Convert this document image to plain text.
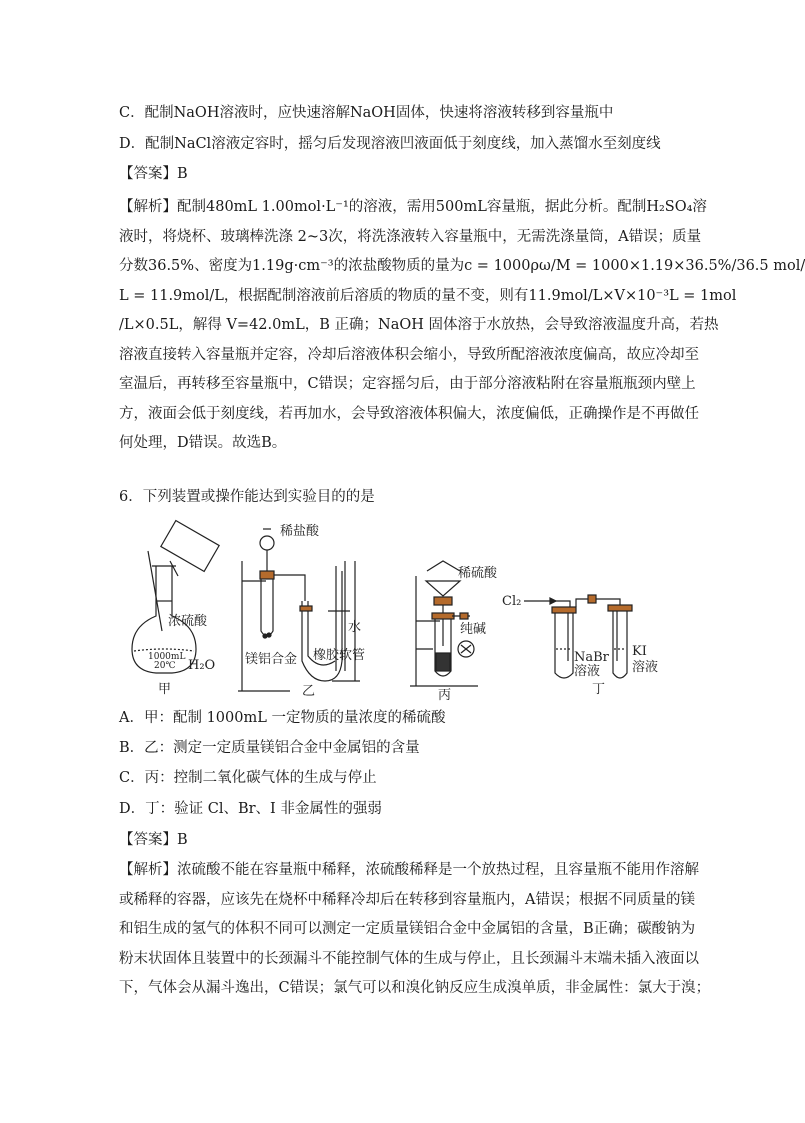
C．配制NaOH溶液时，应快速溶解NaOH固体，快速将溶液转移到容量瓶中
D．配制NaCl溶液定容时，摇匀后发现溶液凹液面低于刻度线，加入蒸馏水至刻度线
【答案】B
【解析】配制480mL 1.00mol·L⁻¹的溶液，需用500mL容量瓶，据此分析。配制H₂SO₄溶
液时，将烧杯、玻璃棒洗涤 2~3次，将洗涤液转入容量瓶中，无需洗涤量筒，A错误；质量
分数36.5%、密度为1.19g·cm⁻³的浓盐酸物质的量为c = 1000ρω/M = 1000×1.19×36.5%/36.5 mol/
L = 11.9mol/L，根据配制溶液前后溶质的物质的量不变，则有11.9mol/L×V×10⁻³L = 1mol
/L×0.5L，解得 V=42.0mL，B 正确；NaOH 固体溶于水放热，会导致溶液温度升高，若热
溶液直接转入容量瓶并定容，冷却后溶液体积会缩小，导致所配溶液浓度偏高，故应冷却至
室温后，再转移至容量瓶中，C错误；定容摇匀后，由于部分溶液粘附在容量瓶瓶颈内壁上
方，液面会低于刻度线，若再加水，会导致溶液体积偏大，浓度偏低，正确操作是不再做任
何处理，D错误。故选B。
6．下列装置或操作能达到实验目的的是
浓硫酸
1000mL
20℃ H₂O
甲
稀盐酸
水
镁铝合金 橡胶软管
乙
稀硫酸
纯碱
丙
Cl₂
NaBr
溶液
KI
溶液
丁
A．甲：配制 1000mL 一定物质的量浓度的稀硫酸
B．乙：测定一定质量镁铝合金中金属铝的含量
C．丙：控制二氧化碳气体的生成与停止
D．丁：验证 Cl、Br、I 非金属性的强弱
【答案】B
【解析】浓硫酸不能在容量瓶中稀释，浓硫酸稀释是一个放热过程，且容量瓶不能用作溶解
或稀释的容器，应该先在烧杯中稀释冷却后在转移到容量瓶内，A错误；根据不同质量的镁
和铝生成的氢气的体积不同可以测定一定质量镁铝合金中金属铝的含量，B正确；碳酸钠为
粉末状固体且装置中的长颈漏斗不能控制气体的生成与停止，且长颈漏斗末端未插入液面以
下，气体会从漏斗逸出，C错误；氯气可以和溴化钠反应生成溴单质，非金属性：氯大于溴；
